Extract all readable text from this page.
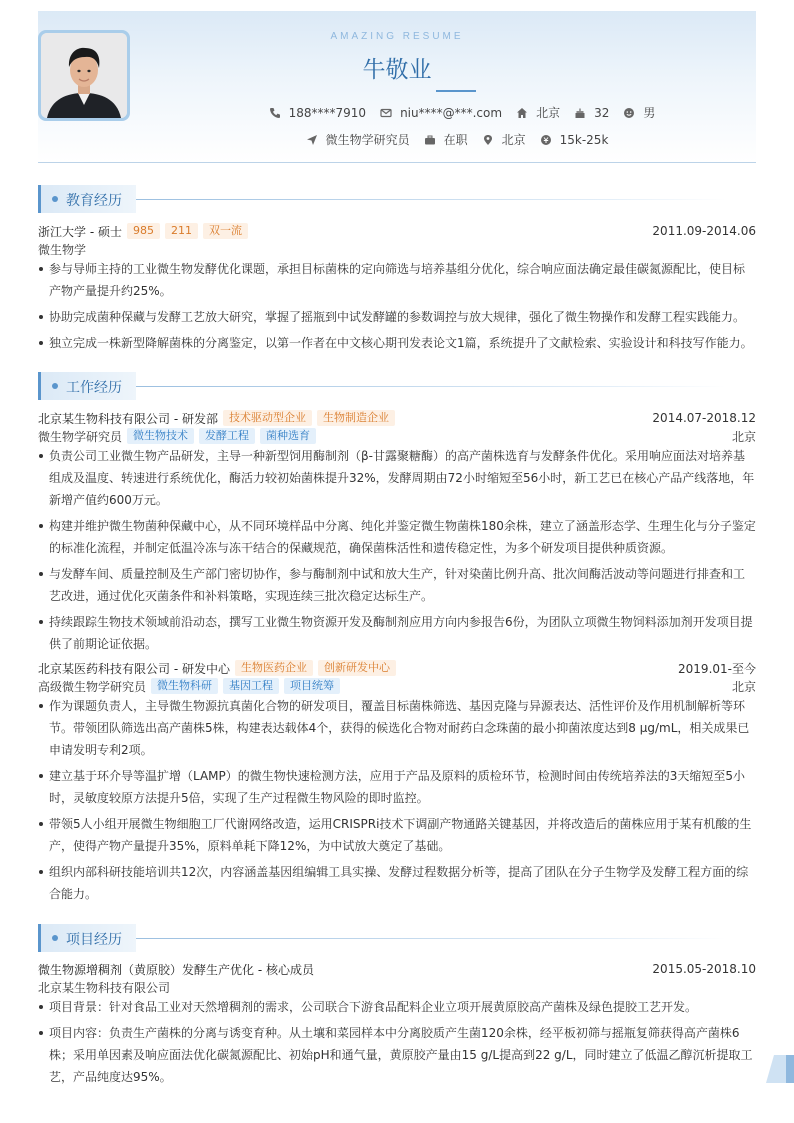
AMAZING RESUME
牛敬业
188****7910	niu****@***.com	北京	32	男
微生物学研究员	在职	北京	15k-25k
教育经历
浙江大学 - 硕士	985	211	双一流	2011.09-2014.06
微生物学
参与导师主持的工业微生物发酵优化课题，承担目标菌株的定向筛选与培养基组分优化，综合响应面法确定最佳碳氮源配比，使目标产物产量提升约25%。
协助完成菌种保藏与发酵工艺放大研究，掌握了摇瓶到中试发酵罐的参数调控与放大规律，强化了微生物操作和发酵工程实践能力。
独立完成一株新型降解菌株的分离鉴定，以第一作者在中文核心期刊发表论文1篇，系统提升了文献检索、实验设计和科技写作能力。
工作经历
北京某生物科技有限公司 - 研发部	技术驱动型企业	生物制造企业	2014.07-2018.12
微生物学研究员	微生物技术	发酵工程	菌种选育	北京
负责公司工业微生物产品研发，主导一种新型饲用酶制剂（β-甘露聚糖酶）的高产菌株选育与发酵条件优化。采用响应面法对培养基组成及温度、转速进行系统优化，酶活力较初始菌株提升32%，发酵周期由72小时缩短至56小时，新工艺已在核心产品产线落地，年新增产值约600万元。
构建并维护微生物菌种保藏中心，从不同环境样品中分离、纯化并鉴定微生物菌株180余株，建立了涵盖形态学、生理生化与分子鉴定的标准化流程，并制定低温冷冻与冻干结合的保藏规范，确保菌株活性和遗传稳定性，为多个研发项目提供种质资源。
与发酵车间、质量控制及生产部门密切协作，参与酶制剂中试和放大生产，针对染菌比例升高、批次间酶活波动等问题进行排查和工艺改进，通过优化灭菌条件和补料策略，实现连续三批次稳定达标生产。
持续跟踪生物技术领域前沿动态，撰写工业微生物资源开发及酶制剂应用方向内参报告6份，为团队立项微生物饲料添加剂开发项目提供了前期论证依据。
北京某医药科技有限公司 - 研发中心	生物医药企业	创新研发中心	2019.01-至今
高级微生物学研究员	微生物科研	基因工程	项目统筹	北京
作为课题负责人，主导微生物源抗真菌化合物的研发项目，覆盖目标菌株筛选、基因克隆与异源表达、活性评价及作用机制解析等环节。带领团队筛选出高产菌株5株，构建表达载体4个，获得的候选化合物对耐药白念珠菌的最小抑菌浓度达到8 μg/mL，相关成果已申请发明专利2项。
建立基于环介导等温扩增（LAMP）的微生物快速检测方法，应用于产品及原料的质检环节，检测时间由传统培养法的3天缩短至5小时，灵敏度较原方法提升5倍，实现了生产过程微生物风险的即时监控。
带领5人小组开展微生物细胞工厂代谢网络改造，运用CRISPRi技术下调副产物通路关键基因，并将改造后的菌株应用于某有机酸的生产，使得产物产量提升35%，原料单耗下降12%，为中试放大奠定了基础。
组织内部科研技能培训共12次，内容涵盖基因组编辑工具实操、发酵过程数据分析等，提高了团队在分子生物学及发酵工程方面的综合能力。
项目经历
微生物源增稠剂（黄原胶）发酵生产优化 - 核心成员	2015.05-2018.10
北京某生物科技有限公司
项目背景：针对食品工业对天然增稠剂的需求，公司联合下游食品配料企业立项开展黄原胶高产菌株及绿色提胶工艺开发。
项目内容：负责生产菌株的分离与诱变育种。从土壤和菜园样本中分离胶质产生菌120余株，经平板初筛与摇瓶复筛获得高产菌株6株；采用单因素及响应面法优化碳氮源配比、初始pH和通气量，黄原胶产量由15 g/L提高到22 g/L，同时建立了低温乙醇沉析提取工艺，产品纯度达95%。
